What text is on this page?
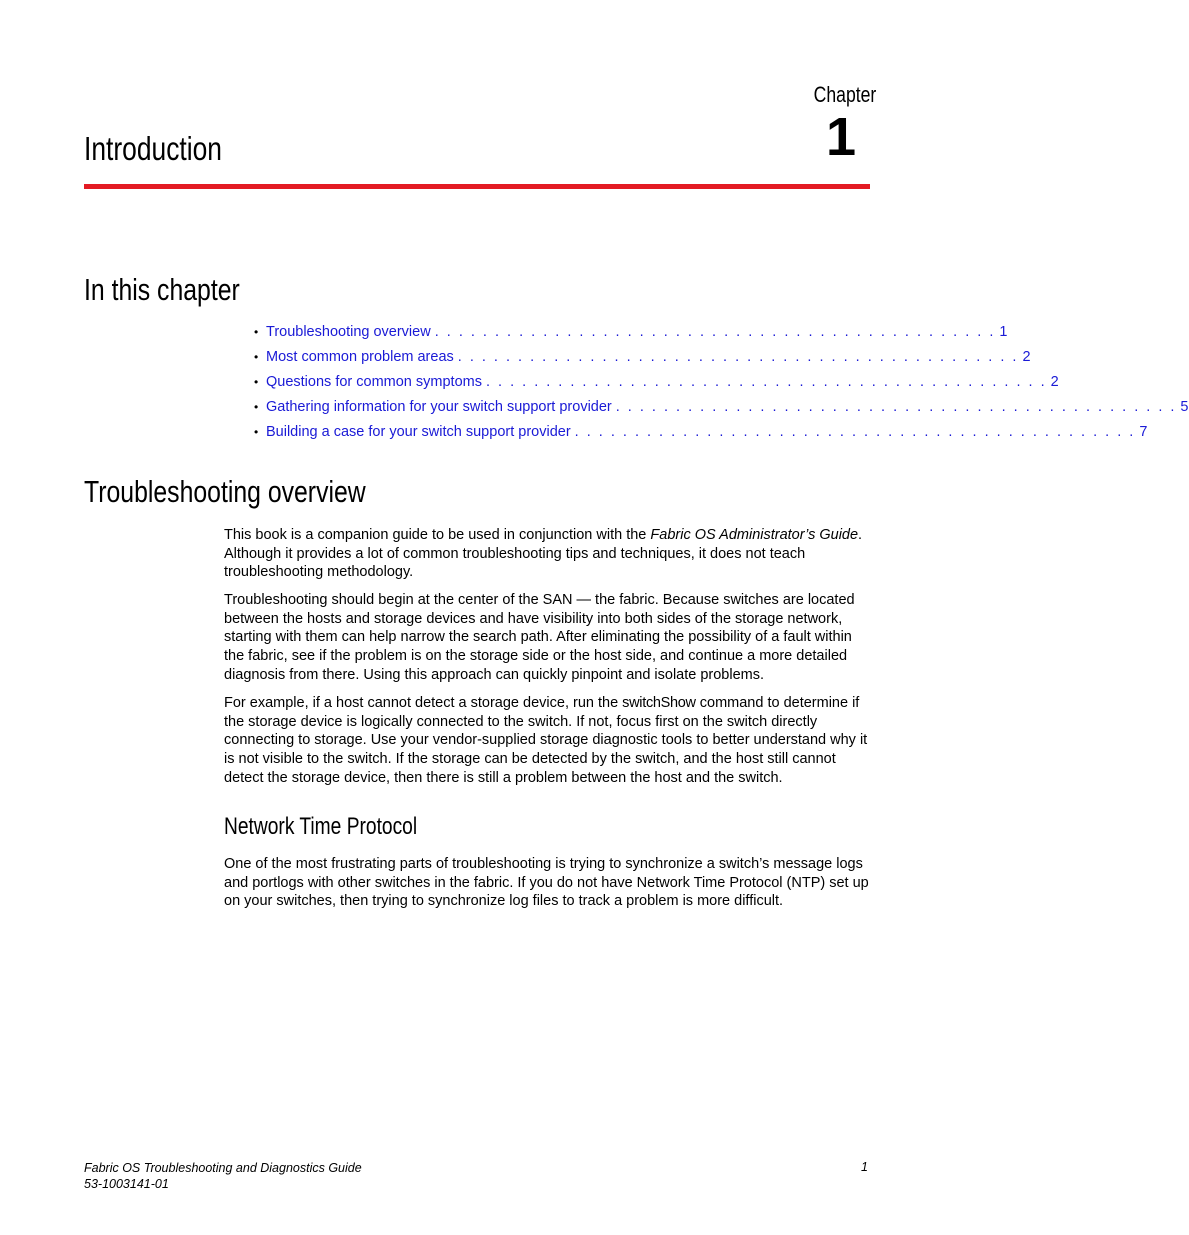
Chapter
1
Introduction
In this chapter
• Troubleshooting overview . . . . . . . . . . . . . . . . . . . . . . . . . . . . . . . . . . . . . . . . . . . . . . . 1
• Most common problem areas . . . . . . . . . . . . . . . . . . . . . . . . . . . . . . . . . . . . . . . . . . . . . . . 2
• Questions for common symptoms . . . . . . . . . . . . . . . . . . . . . . . . . . . . . . . . . . . . . . . . . . . . . . . 2
• Gathering information for your switch support provider . . . . . . . . . . . . . . . . . . . . . . . . . . . . . . . . . . . . . . . . . . . . . . . 5
• Building a case for your switch support provider . . . . . . . . . . . . . . . . . . . . . . . . . . . . . . . . . . . . . . . . . . . . . . . 7
Troubleshooting overview

This book is a companion guide to be used in conjunction with the Fabric OS Administrator’s Guide. Although it provides a lot of common troubleshooting tips and techniques, it does not teach troubleshooting methodology.

Troubleshooting should begin at the center of the SAN — the fabric. Because switches are located between the hosts and storage devices and have visibility into both sides of the storage network, starting with them can help narrow the search path. After eliminating the possibility of a fault within the fabric, see if the problem is on the storage side or the host side, and continue a more detailed diagnosis from there. Using this approach can quickly pinpoint and isolate problems.

For example, if a host cannot detect a storage device, run the switchShow command to determine if the storage device is logically connected to the switch. If not, focus first on the switch directly connecting to storage. Use your vendor-supplied storage diagnostic tools to better understand why it is not visible to the switch. If the storage can be detected by the switch, and the host still cannot detect the storage device, then there is still a problem between the host and the switch.

Network Time Protocol

One of the most frustrating parts of troubleshooting is trying to synchronize a switch’s message logs and portlogs with other switches in the fabric. If you do not have Network Time Protocol (NTP) set up on your switches, then trying to synchronize log files to track a problem is more difficult.

Fabric OS Troubleshooting and Diagnostics Guide
53-1003141-01
1
